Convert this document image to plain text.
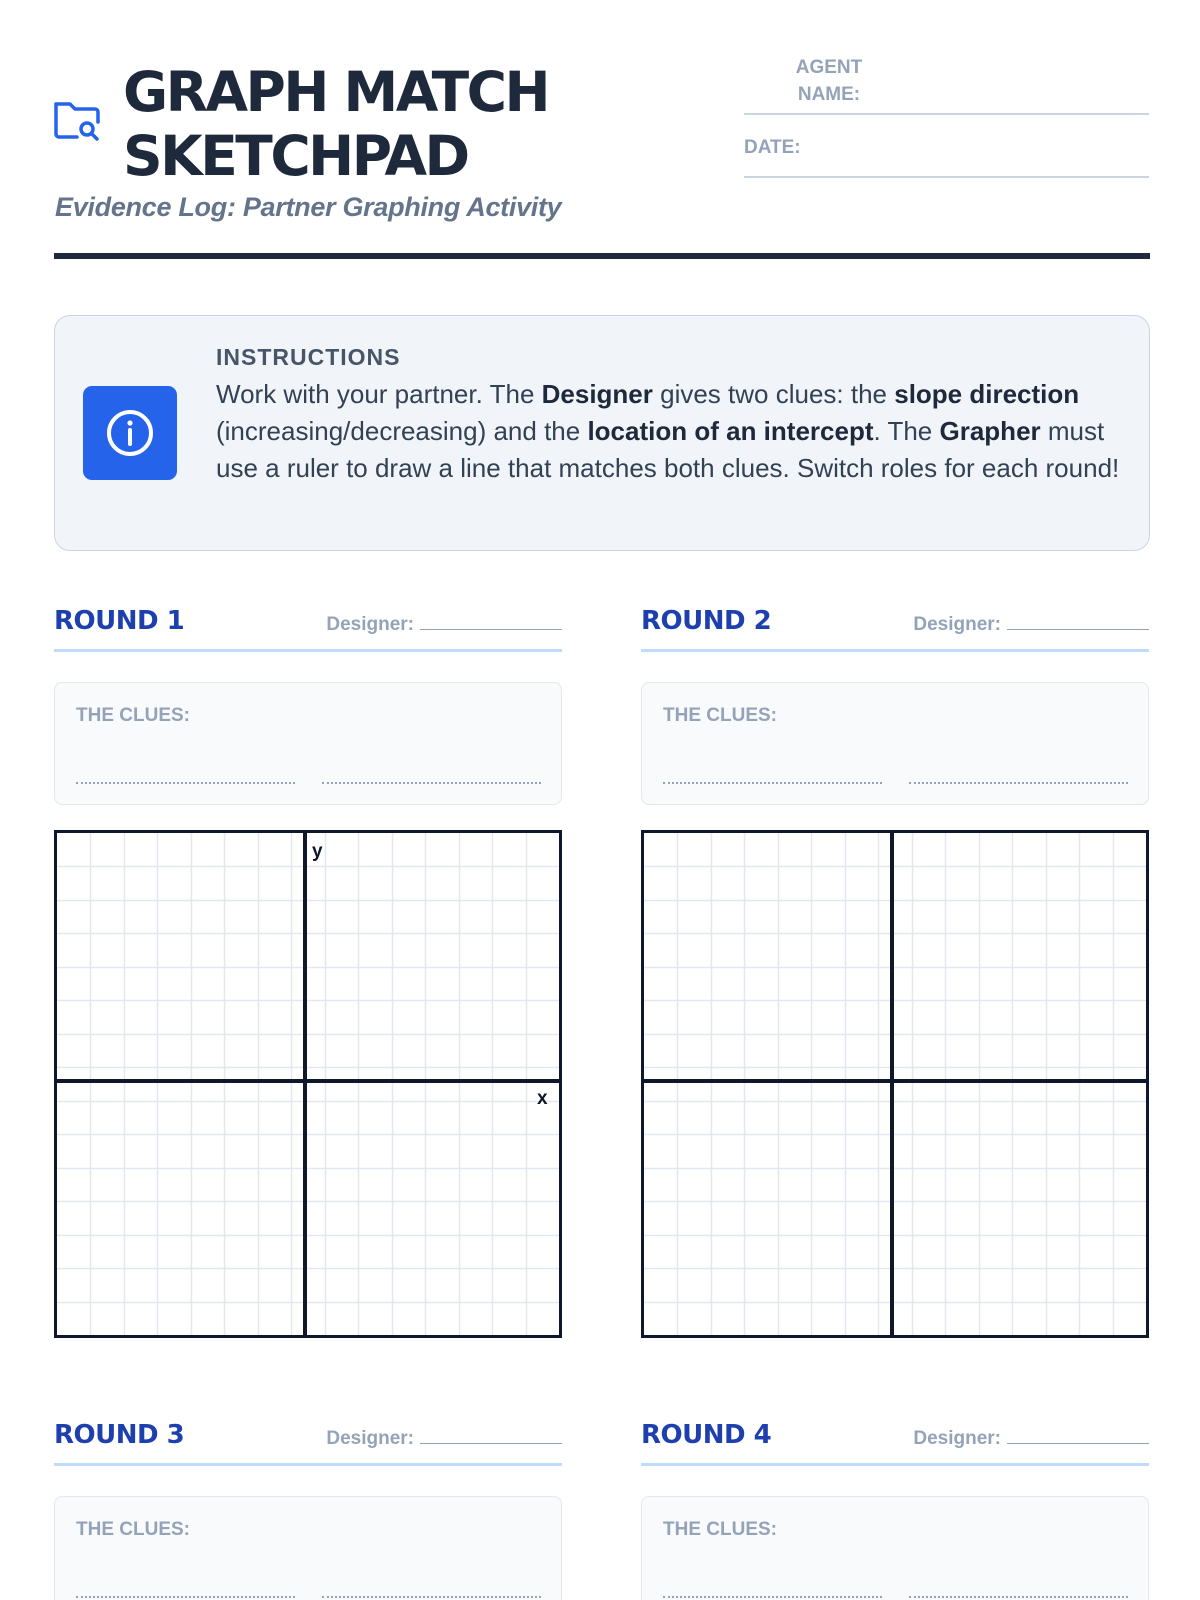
GRAPH MATCH
SKETCHPAD
Evidence Log: Partner Graphing Activity
AGENT NAME:
DATE:
INSTRUCTIONS
Work with your partner. The Designer gives two clues: the slope direction (increasing/decreasing) and the location of an intercept. The Grapher must use a ruler to draw a line that matches both clues. Switch roles for each round!
ROUND 1	Designer:
THE CLUES:
y
x
ROUND 2	Designer:
THE CLUES:
ROUND 3	Designer:
THE CLUES:
ROUND 4	Designer:
THE CLUES:
